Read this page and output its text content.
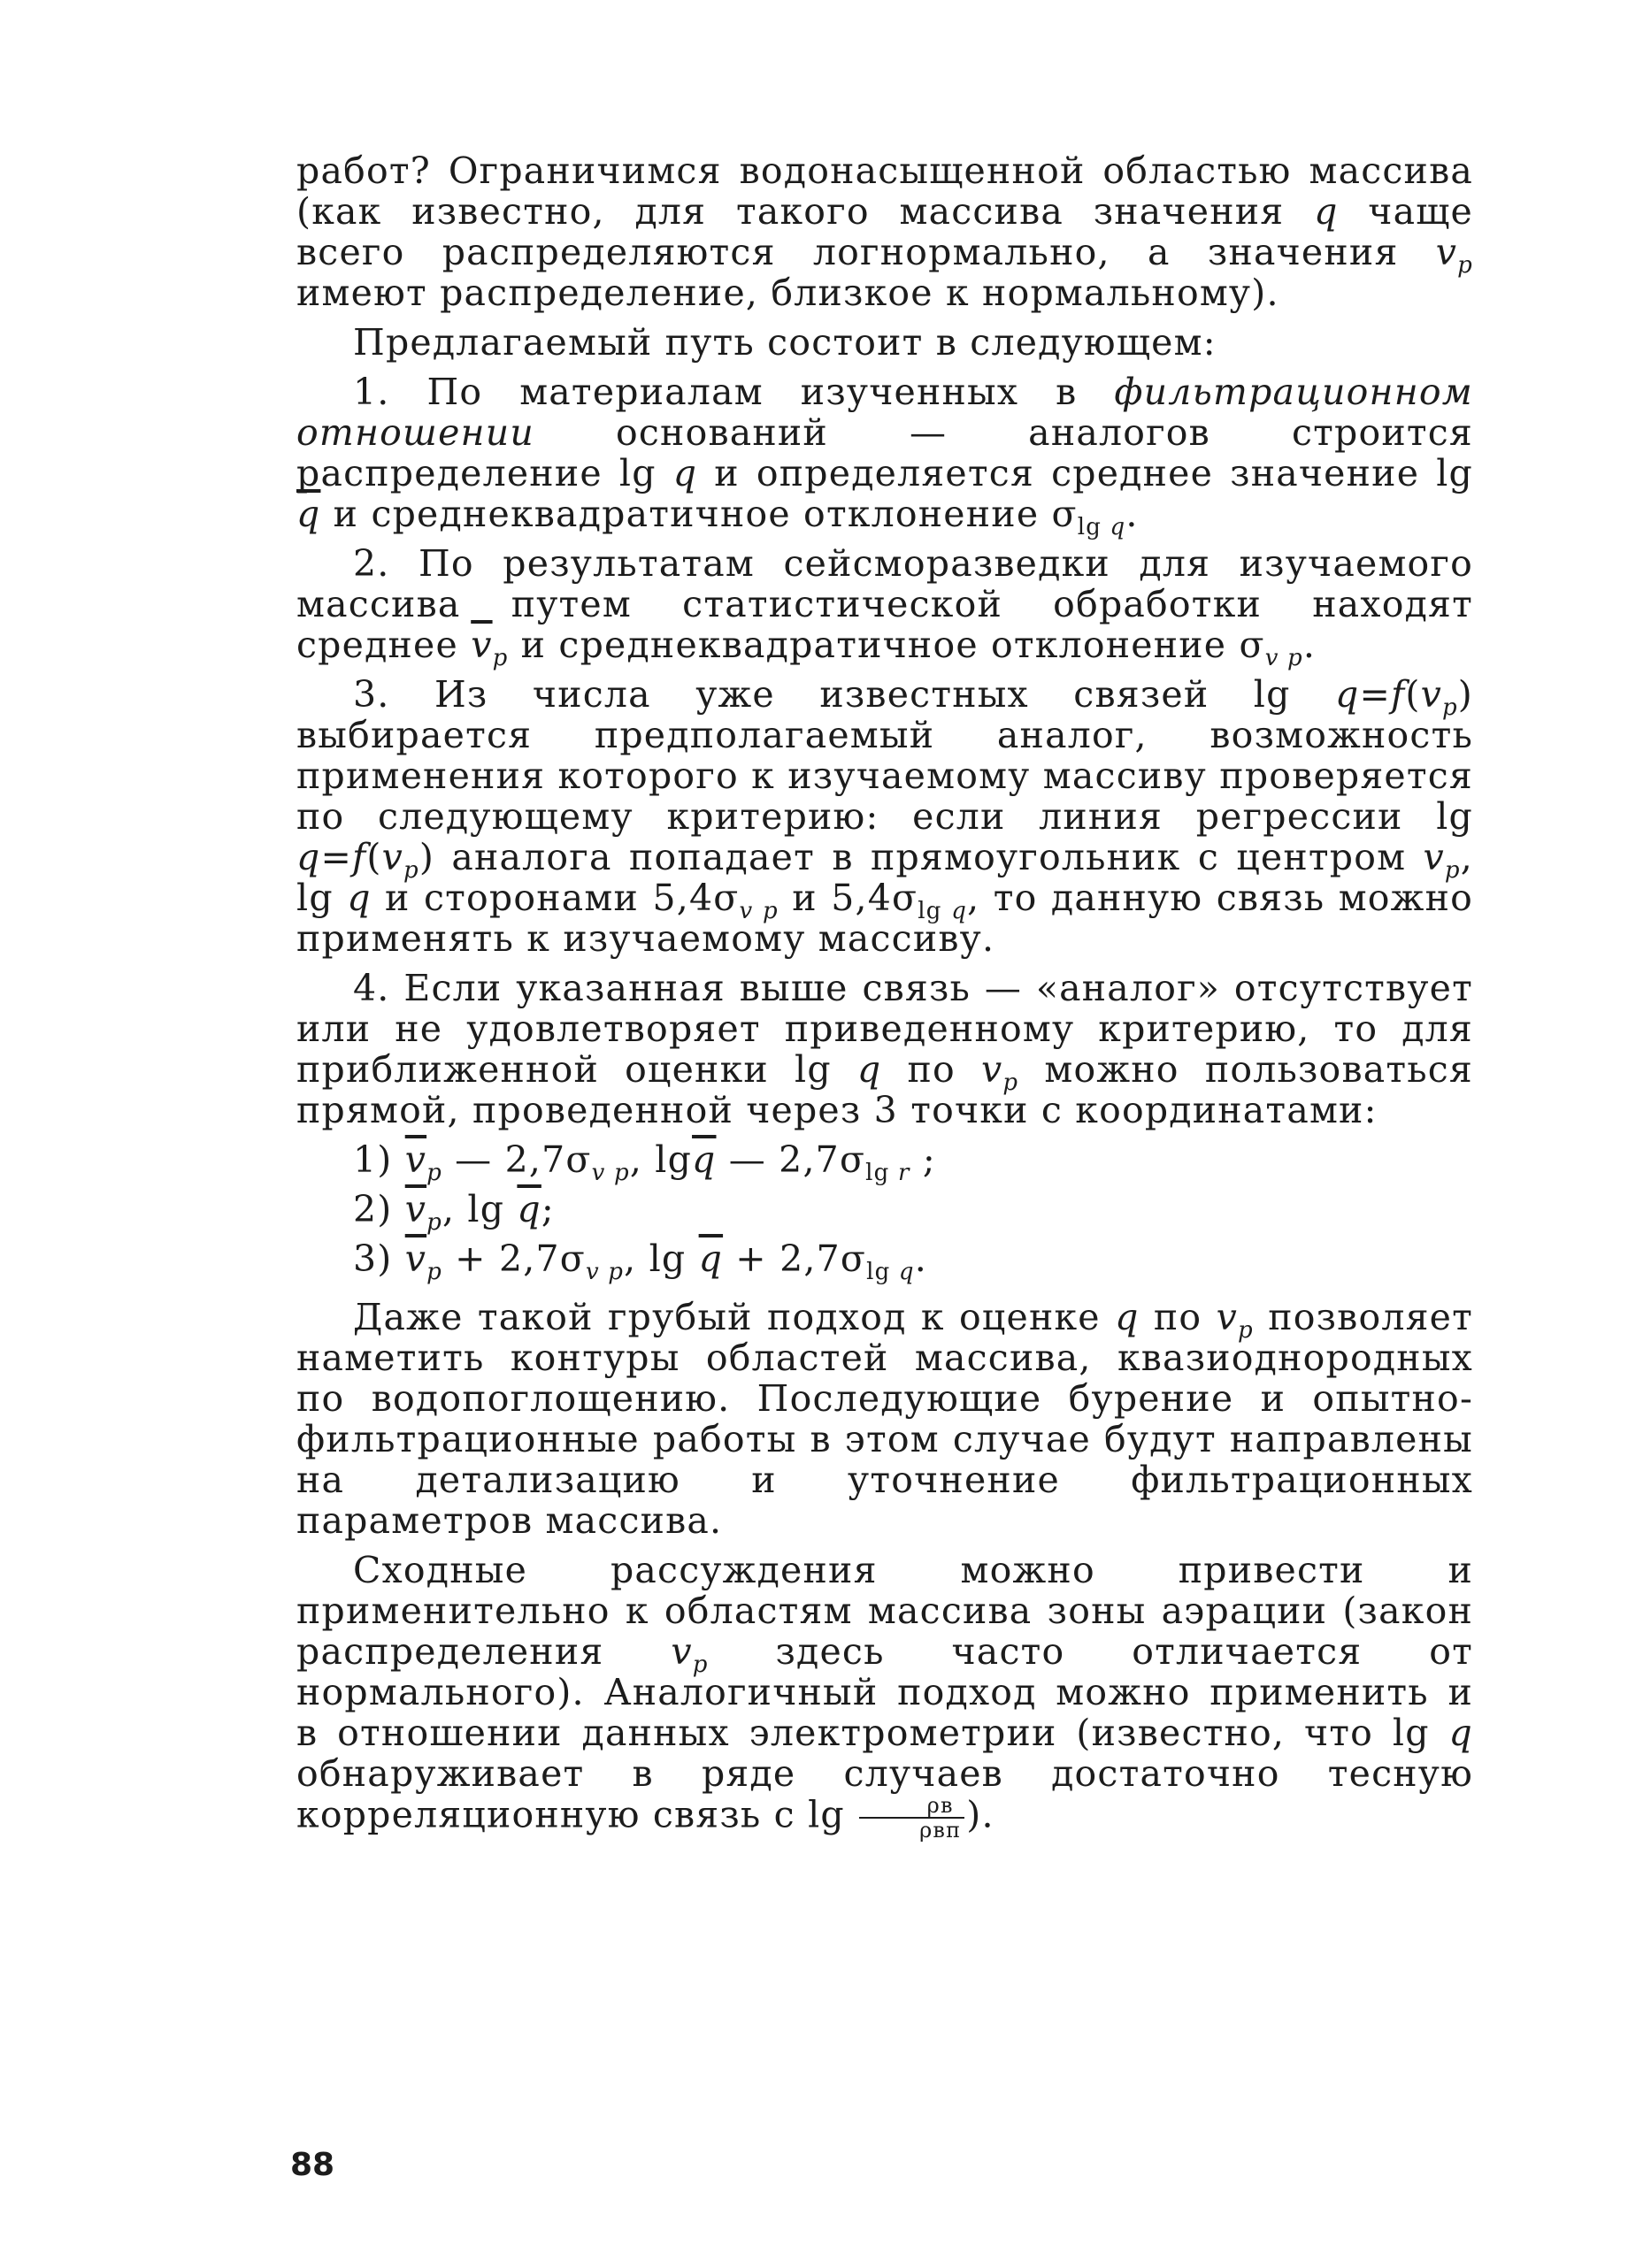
работ? Ограничимся водонасыщенной областью массива (как известно, для такого массива значения q чаще всего распределяются логнормально, а значения $v_p$ имеют распределение, близкое к нормальному).

Предлагаемый путь состоит в следующем:

1. По материалам изученных в фильтрационном отношении оснований — аналогов строится распределение lg q и определяется среднее значение $\lg \overline{q}$ и среднеквадратичное отклонение $\sigma_{lg q}$.

2. По результатам сейсморазведки для изучаемого массива путем статистической обработки находят среднее $\overline{v}_p$ и среднеквадратичное отклонение $\sigma_{v p}$.

3. Из числа уже известных связей $\lg q=f(v_p)$ выбирается предполагаемый аналог, возможность применения которого к изучаемому массиву проверяется по следующему критерию: если линия регрессии $\lg q=f(v_p)$ аналога попадает в прямоугольник с центром $v_p$, lg q и сторонами $5,4\sigma_{v p}$ и $5,4\sigma_{lg q}$, то данную связь можно применять к изучаемому массиву.

4. Если указанная выше связь — «аналог» отсутствует или не удовлетворяет приведенному критерию, то для приближенной оценки lg q по $v_p$ можно пользоваться прямой, проведенной через 3 точки с координатами:

1) $\overline{v}_p$ — $2,7\sigma_{v p}$, $\lg\overline{q}$ — $2,7\sigma_{lg r}$ ;
2) $\overline{v}_p$, $\lg \overline{q}$;
3) $\overline{v}_p + 2,7\sigma_{v p}$, $\lg \overline{q} + 2,7\sigma_{lg q}$.

Даже такой грубый подход к оценке q по $v_p$ позволяет наметить контуры областей массива, квазиоднородных по водопоглощению. Последующие бурение и опытно-фильтрационные работы в этом случае будут направлены на детализацию и уточнение фильтрационных параметров массива.

Сходные рассуждения можно привести и применительно к областям массива зоны аэрации (закон распределения $v_p$ здесь часто отличается от нормального). Аналогичный подход можно применить и в отношении данных электрометрии (известно, что lg q обнаруживает в ряде случаев достаточно тесную корреляционную связь с $\lg \frac{\rho в}{\text{ρвп}}$ ).

88
